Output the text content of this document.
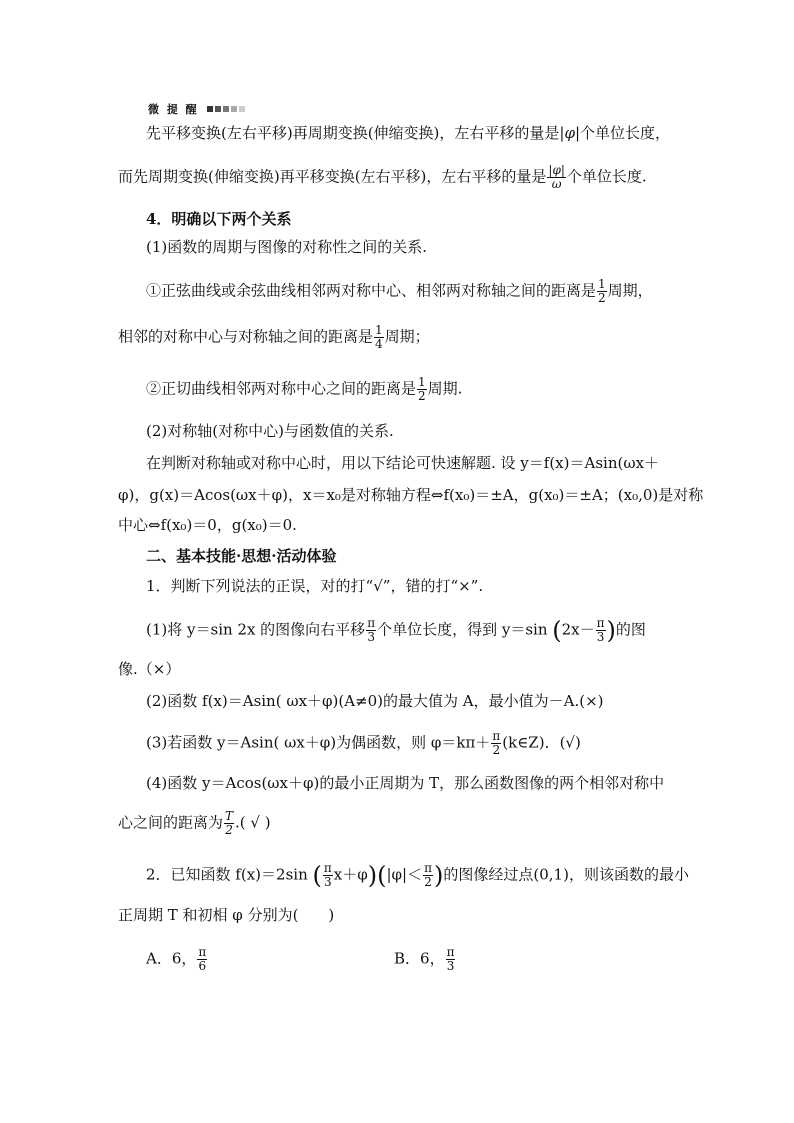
微 提 醒
先平移变换(左右平移)再周期变换(伸缩变换)，左右平移的量是|φ|个单位长度，
而先周期变换(伸缩变换)再平移变换(左右平移)，左右平移的量是 $\frac{|\varphi|}{\omega}$ 个单位长度.
4．明确以下两个关系
(1)函数的周期与图像的对称性之间的关系.
①正弦曲线或余弦曲线相邻两对称中心、相邻两对称轴之间的距离是 $\frac{1}{2}$ 周期，
相邻的对称中心与对称轴之间的距离是 $\frac{1}{4}$ 周期；
②正切曲线相邻两对称中心之间的距离是 $\frac{1}{2}$ 周期.
(2)对称轴(对称中心)与函数值的关系.
在判断对称轴或对称中心时，用以下结论可快速解题. 设 y＝f(x)＝Asin(ωx＋
φ)，g(x)＝Acos(ωx＋φ)，x＝x₀是对称轴方程⇔f(x₀)＝±A，g(x₀)＝±A；(x₀,0)是对称
中心⇔f(x₀)＝0，g(x₀)＝0.
二、基本技能·思想·活动体验
1．判断下列说法的正误，对的打“√”，错的打“×”.
(1)将 y＝sin 2x 的图像向右平移 $\frac{\pi}{3}$ 个单位长度，得到 y＝sin ($2x- \frac{\pi}{3}$ )的图
像.（×）
(2)函数 f(x)＝Asin( ωx＋φ)(A≠0)的最大值为 A，最小值为－A.(×)
(3)若函数 y＝Asin( ωx＋φ)为偶函数，则 $\varphi=k\pi+ \frac{\pi}{2}$ (k∈Z)．(√)
(4)函数 y＝Acos(ωx＋φ)的最小正周期为 T，那么函数图像的两个相邻对称中
心之间的距离为 $\frac{T}{2}$ .( √ )
2．已知函数 f(x)＝2sin ( $\frac{\pi}{3} x+\varphi)(|\varphi|< \frac{\pi}{2}$ )的图像经过点(0,1)，则该函数的最小
正周期 T 和初相 φ 分别为(　　)
A．6， $\frac{\pi}{6}$	B．6， $\frac{\pi}{3}$
